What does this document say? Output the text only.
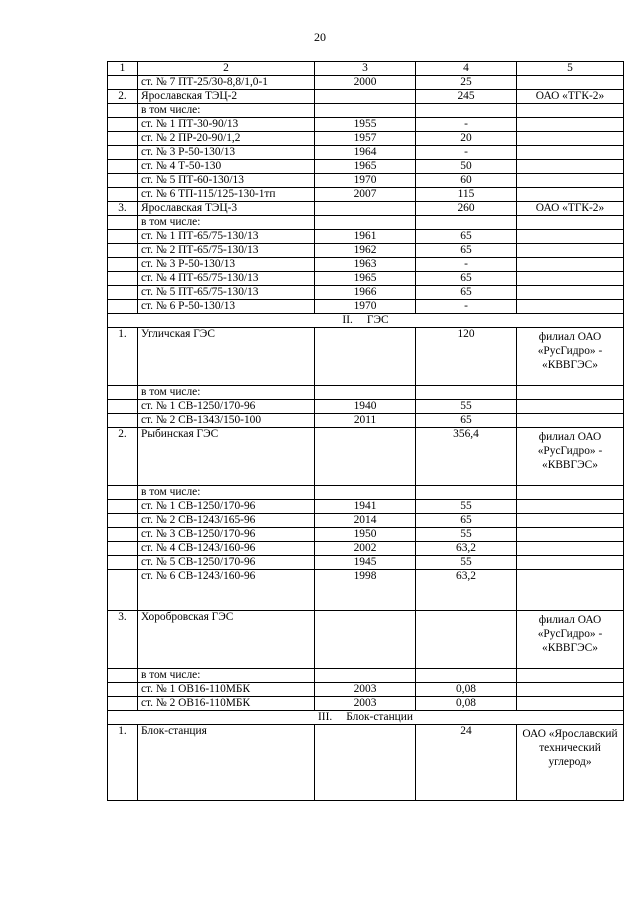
20
1	2	3	4	5
	ст. № 7 ПТ-25/30-8,8/1,0-1	2000	25	
2.	Ярославская ТЭЦ-2		245	ОАО «ТГК-2»
	в том числе:			
	ст. № 1 ПТ-30-90/13	1955	-	
	ст. № 2 ПР-20-90/1,2	1957	20	
	ст. № 3 Р-50-130/13	1964	-	
	ст. № 4 Т-50-130	1965	50	
	ст. № 5 ПТ-60-130/13	1970	60	
	ст. № 6 ТП-115/125-130-1тп	2007	115	
3.	Ярославская ТЭЦ-3		260	ОАО «ТГК-2»
	в том числе:			
	ст. № 1 ПТ-65/75-130/13	1961	65	
	ст. № 2 ПТ-65/75-130/13	1962	65	
	ст. № 3 Р-50-130/13	1963	-	
	ст. № 4 ПТ-65/75-130/13	1965	65	
	ст. № 5 ПТ-65/75-130/13	1966	65	
	ст. № 6 Р-50-130/13	1970	-	
II. ГЭС				
1.	Угличская ГЭС		120	филиал ОАО «РусГидро» - «КВВГЭС»
	в том числе:			
	ст. № 1 СВ-1250/170-96	1940	55	
	ст. № 2 СВ-1343/150-100	2011	65	
2.	Рыбинская ГЭС		356,4	филиал ОАО «РусГидро» - «КВВГЭС»
	в том числе:			
	ст. № 1 СВ-1250/170-96	1941	55	
	ст. № 2 СВ-1243/165-96	2014	65	
	ст. № 3 СВ-1250/170-96	1950	55	
	ст. № 4 СВ-1243/160-96	2002	63,2	
	ст. № 5 СВ-1250/170-96	1945	55	
	ст. № 6 СВ-1243/160-96	1998	63,2	
3.	Хоробровская ГЭС			филиал ОАО «РусГидро» - «КВВГЭС»
	в том числе:			
	ст. № 1 ОВ16-110МБК	2003	0,08	
	ст. № 2 ОВ16-110МБК	2003	0,08	
III. Блок-станции				
1.	Блок-станция		24	ОАО «Ярославский технический углерод»
